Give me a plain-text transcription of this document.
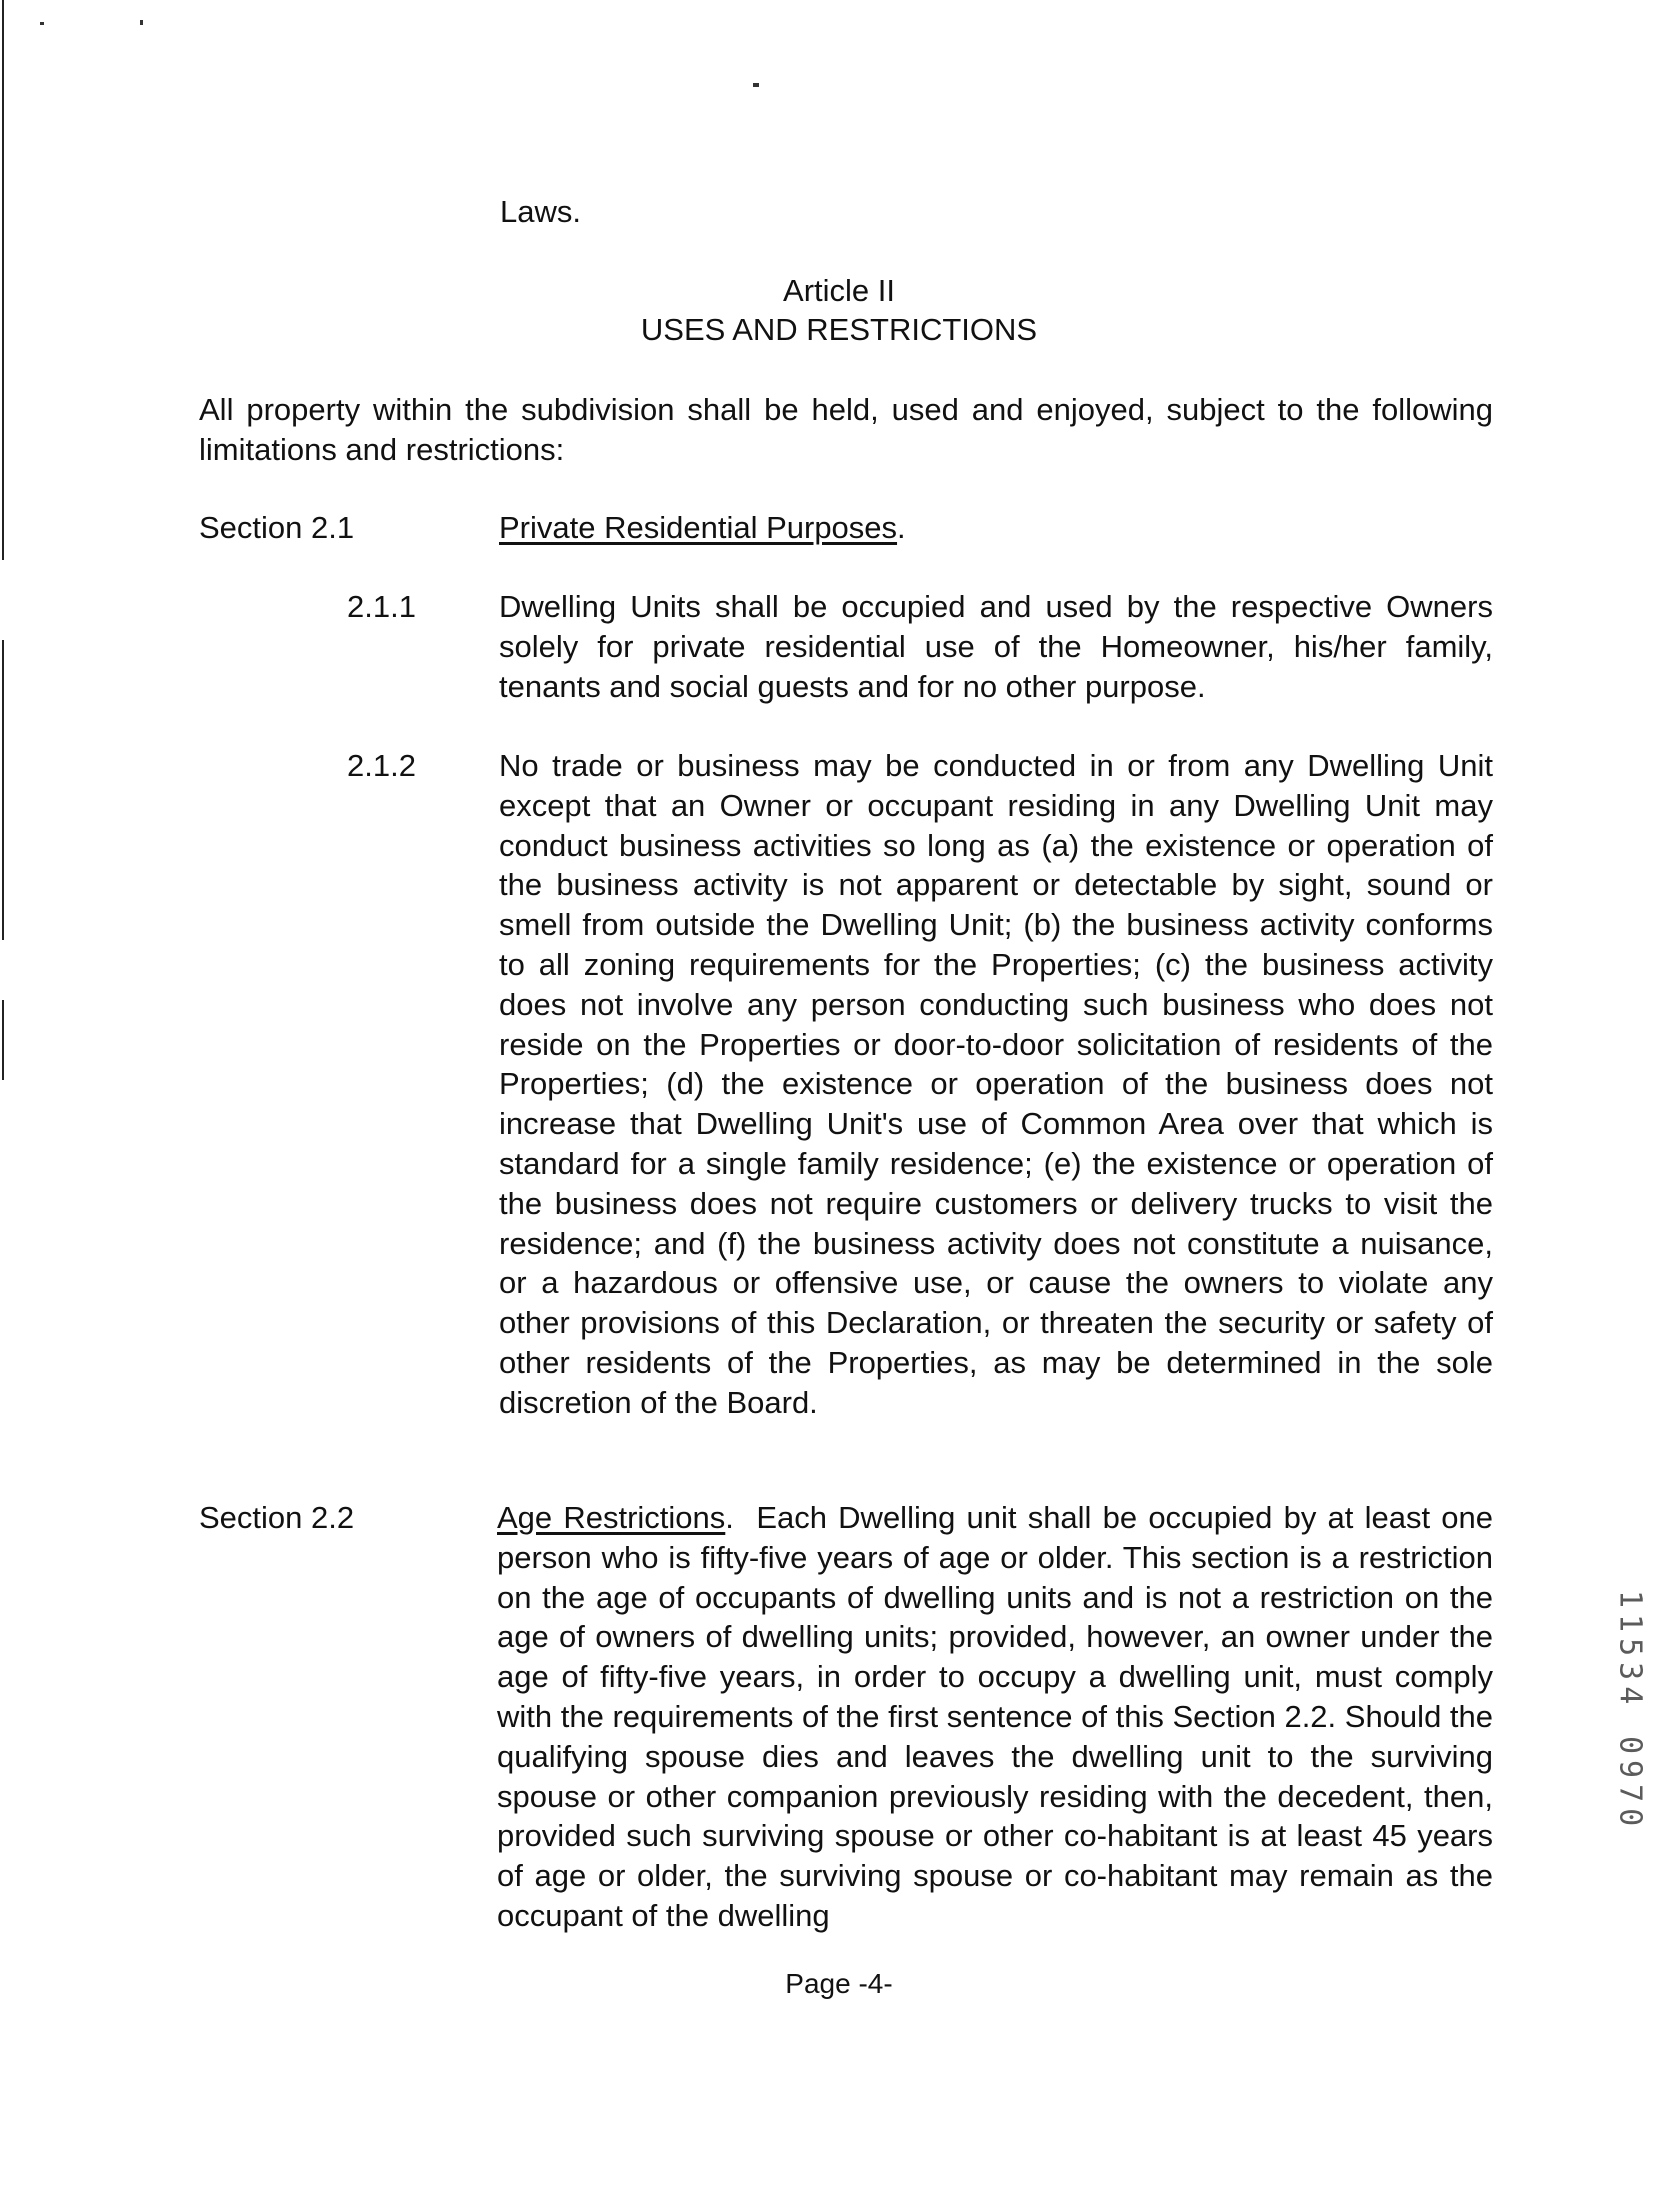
Laws.

Article II

USES AND RESTRICTIONS

All property within the subdivision shall be held, used and enjoyed, subject to the following limitations and restrictions:

Section 2.1	Private Residential Purposes.

2.1.1	Dwelling Units shall be occupied and used by the respective Owners solely for private residential use of the Homeowner, his/her family, tenants and social guests and for no other purpose.

2.1.2	No trade or business may be conducted in or from any Dwelling Unit except that an Owner or occupant residing in any Dwelling Unit may conduct business activities so long as (a) the existence or operation of the business activity is not apparent or detectable by sight, sound or smell from outside the Dwelling Unit; (b) the business activity conforms to all zoning requirements for the Properties; (c) the business activity does not involve any person conducting such business who does not reside on the Properties or door-to-door solicitation of residents of the Properties; (d) the existence or operation of the business does not increase that Dwelling Unit's use of Common Area over that which is standard for a single family residence; (e) the existence or operation of the business does not require customers or delivery trucks to visit the residence; and (f) the business activity does not constitute a nuisance, or a hazardous or offensive use, or cause the owners to violate any other provisions of this Declaration, or threaten the security or safety of other residents of the Properties, as may be determined in the sole discretion of the Board.

Section 2.2	Age Restrictions. Each Dwelling unit shall be occupied by at least one person who is fifty-five years of age or older. This section is a restriction on the age of occupants of dwelling units and is not a restriction on the age of owners of dwelling units; provided, however, an owner under the age of fifty-five years, in order to occupy a dwelling unit, must comply with the requirements of the first sentence of this Section 2.2. Should the qualifying spouse dies and leaves the dwelling unit to the surviving spouse or other companion previously residing with the decedent, then, provided such surviving spouse or other co-habitant is at least 45 years of age or older, the surviving spouse or co-habitant may remain as the occupant of the dwelling

11534
0970
Page -4-
